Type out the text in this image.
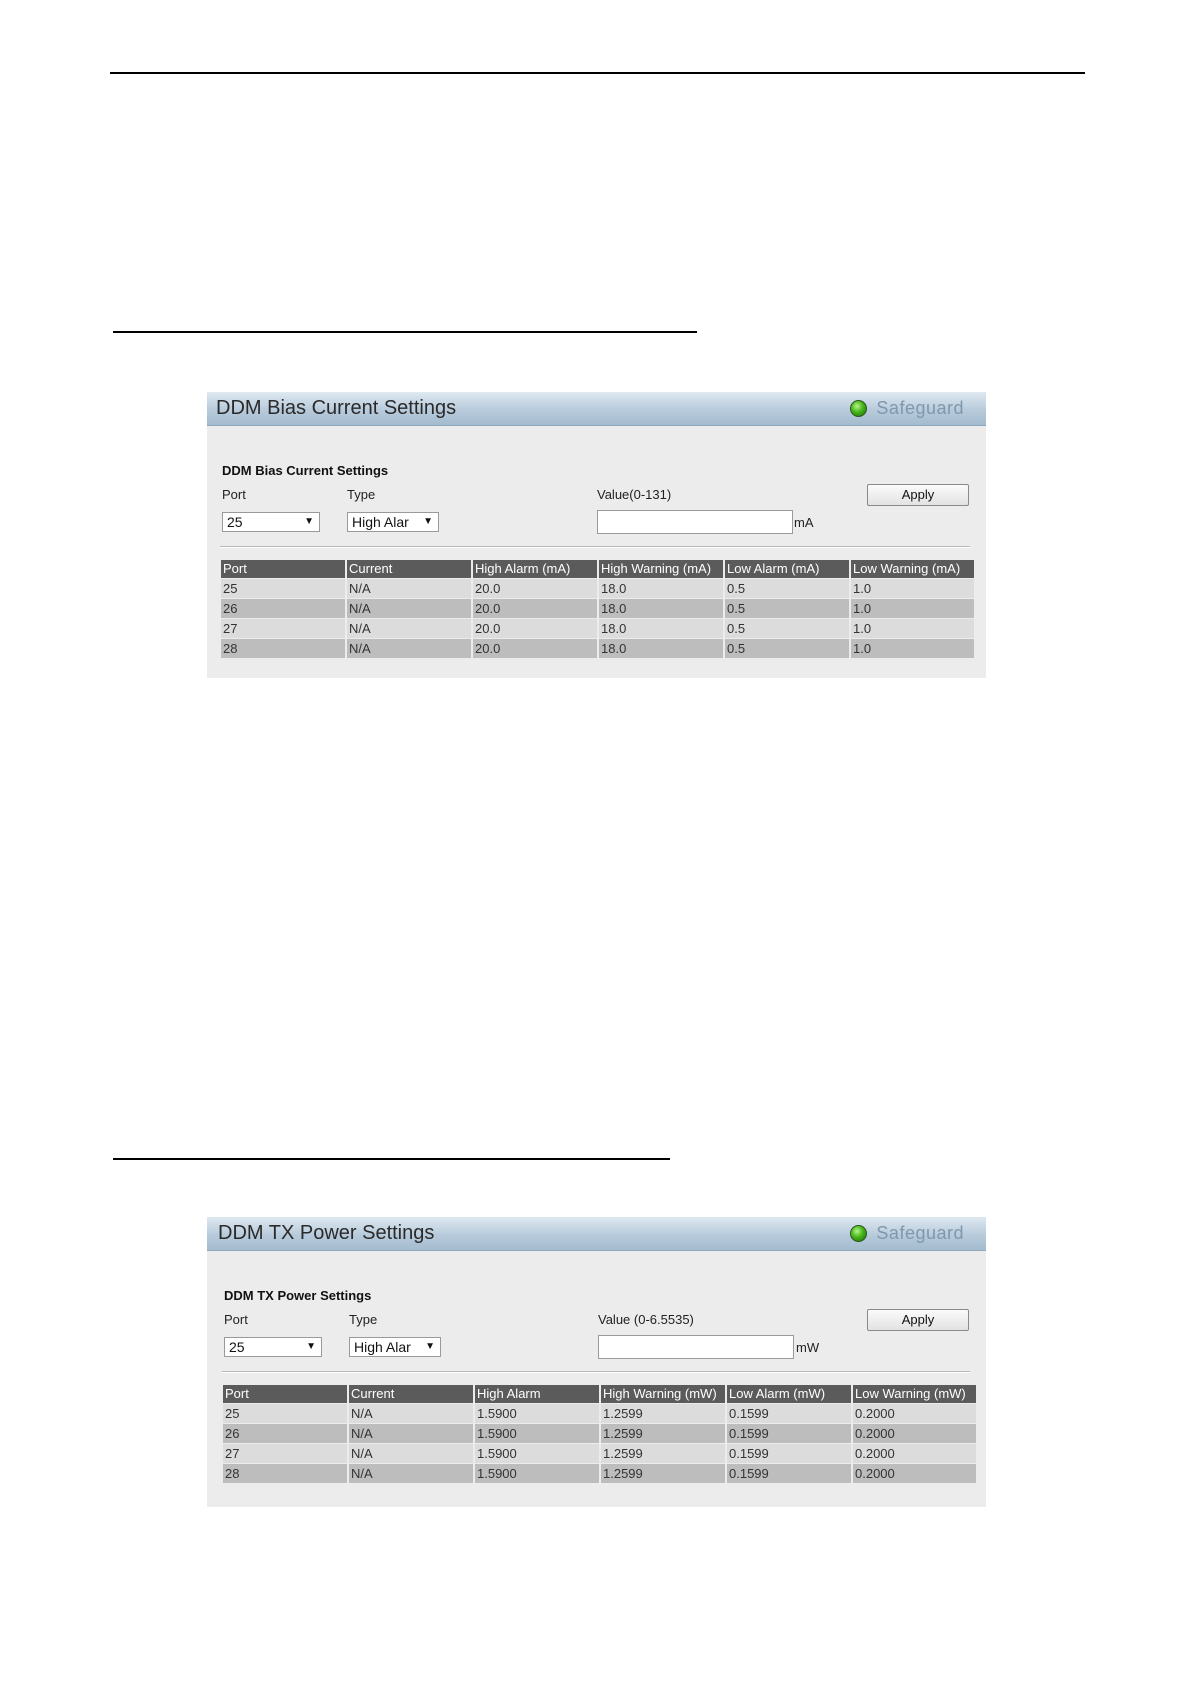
DDM Bias Current Settings	Safeguard
DDM Bias Current Settings
Port	Type	Value(0-131)	Apply
25	▼	High Alar ▼	mA
Port	Current	High Alarm (mA)	High Warning (mA)	Low Alarm (mA)	Low Warning (mA)
25	N/A	20.0	18.0	0.5	1.0
26	N/A	20.0	18.0	0.5	1.0
27	N/A	20.0	18.0	0.5	1.0
28	N/A	20.0	18.0	0.5	1.0
DDM TX Power Settings	Safeguard
DDM TX Power Settings
Port	Type	Value (0-6.5535)	Apply
25	▼	High Alar ▼	mW
Port	Current	High Alarm	High Warning (mW)	Low Alarm (mW)	Low Warning (mW)
25	N/A	1.5900	1.2599	0.1599	0.2000
26	N/A	1.5900	1.2599	0.1599	0.2000
27	N/A	1.5900	1.2599	0.1599	0.2000
28	N/A	1.5900	1.2599	0.1599	0.2000
